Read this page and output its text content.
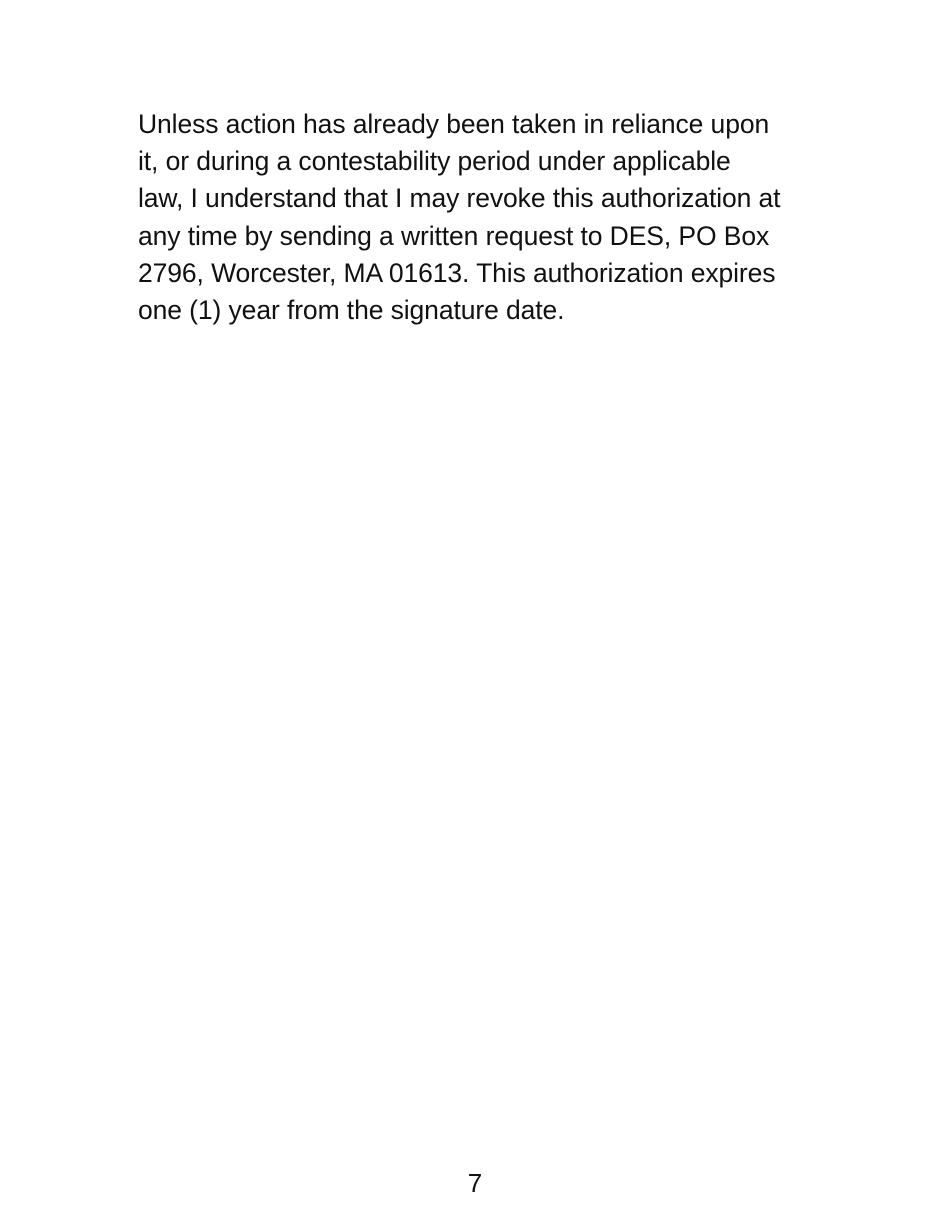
Unless action has already been taken in reliance upon
it, or during a contestability period under applicable
law, I understand that I may revoke this authorization at
any time by sending a written request to DES, PO Box
2796, Worcester, MA 01613. This authorization expires
one (1) year from the signature date.

7
